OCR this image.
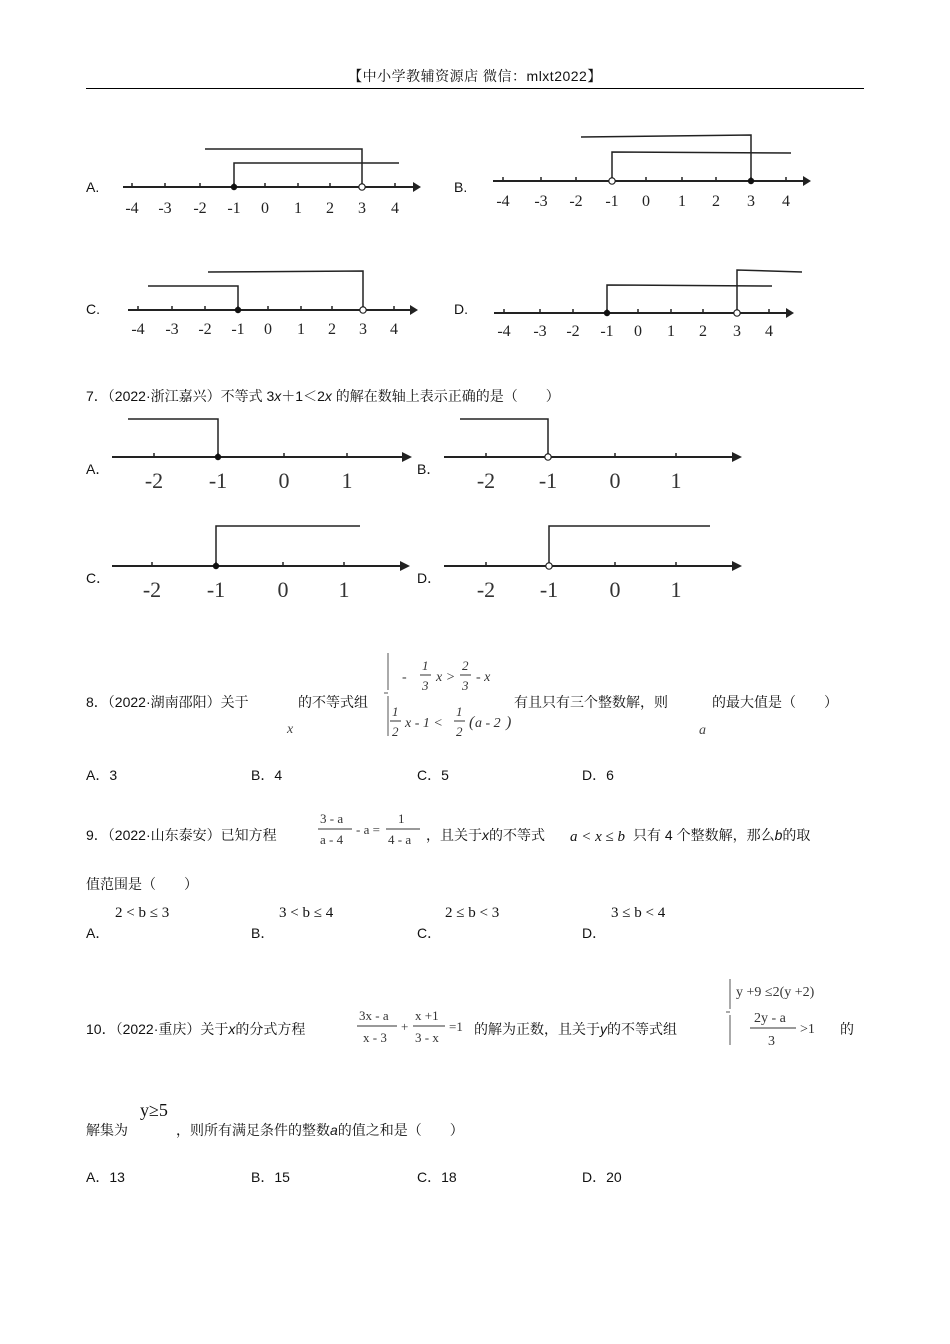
【中小学教辅资源店 微信：mlxt2022】
A.
-4 -3 -2 -1 0 1 2 3 4
B.
-4 -3 -2 -1 0 1 2 3 4
C.
-4 -3 -2 -1 0 1 2 3 4
D.
-4 -3 -2 -1 0 1 2 3 4
7．（2022·浙江嘉兴）不等式 3x＋1＜2x 的解在数轴上表示正确的是（　　）
A． -2 -1 0 1	B． -2 -1 0 1
C． -2 -1 0 1	D． -2 -1 0 1
8．（2022·湖南邵阳）关于	的不等式组
x
-
1
3
x >
2
3
- x
1
2
x - 1 <
1
2
( a - 2 )
有且只有三个整数解，则	的最大值是（　　）
a
A．3	B．4	C．5	D．6
9．（2022·山东泰安）已知方程
3 - a
a - 4
- a =
1
4 - a ，且关于x的不等式 a < x ≤ b 只有 4 个整数解，那么b的取
值范围是（　　）
A．
2 < b ≤ 3
B．
3 < b ≤ 4
C．
2 ≤ b < 3
D．
3 ≤ b < 4
10．（2022·重庆）关于x的分式方程
3x - a
x - 3
+
x +1
3 - x
=1 的解为正数，且关于y的不等式组
y +9 ≤2(y +2)
2y - a
3
>1 的
解集为
y≥5
，则所有满足条件的整数a的值之和是（　　）
A．13	B．15	C．18	D．20
